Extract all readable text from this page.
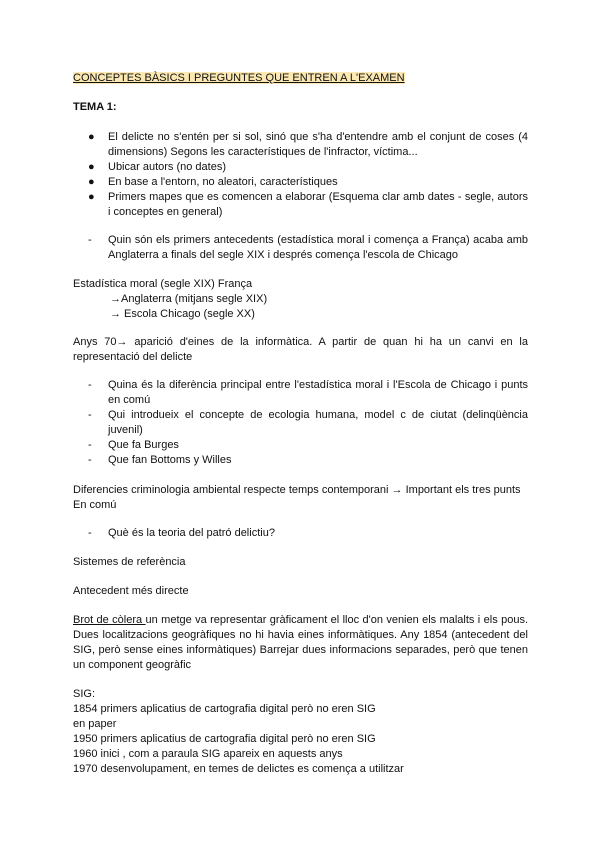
CONCEPTES BÀSICS I PREGUNTES QUE ENTREN A L'EXAMEN
TEMA 1:
● El delicte no s'entén per si sol, sinó que s'ha d'entendre amb el conjunt de coses (4 dimensions) Segons les característiques de l'infractor, víctima...
● Ubicar autors (no dates)
● En base a l'entorn, no aleatori, característiques
● Primers mapes que es comencen a elaborar (Esquema clar amb dates - segle, autors i conceptes en general)
- Quin són els primers antecedents (estadística moral i comença a França) acaba amb Anglaterra a finals del segle XIX i després comença l'escola de Chicago
Estadística moral (segle XIX) França
→Anglaterra (mitjans segle XIX)
→ Escola Chicago (segle XX)
Anys 70→ aparició d'eines de la informàtica. A partir de quan hi ha un canvi en la representació del delicte
- Quina és la diferència principal entre l'estadística moral i l'Escola de Chicago i punts en comú
- Qui introdueix el concepte de ecologia humana, model c de ciutat (delinqüència juvenil)
- Que fa Burges
- Que fan Bottoms y Willes
Diferencies criminologia ambiental respecte temps contemporani → Important els tres punts
En comú
- Què és la teoria del patró delictiu?
Sistemes de referència
Antecedent més directe
Brot de còlera un metge va representar gràficament el lloc d'on venien els malalts i els pous. Dues localitzacions geogràfiques no hi havia eines informàtiques. Any 1854 (antecedent del SIG, però sense eines informàtiques) Barrejar dues informacions separades, però que tenen un component geogràfic
SIG:
1854 primers aplicatius de cartografia digital però no eren SIG
en paper
1950 primers aplicatius de cartografia digital però no eren SIG
1960 inici , com a paraula SIG apareix en aquests anys
1970 desenvolupament, en temes de delictes es comença a utilitzar
